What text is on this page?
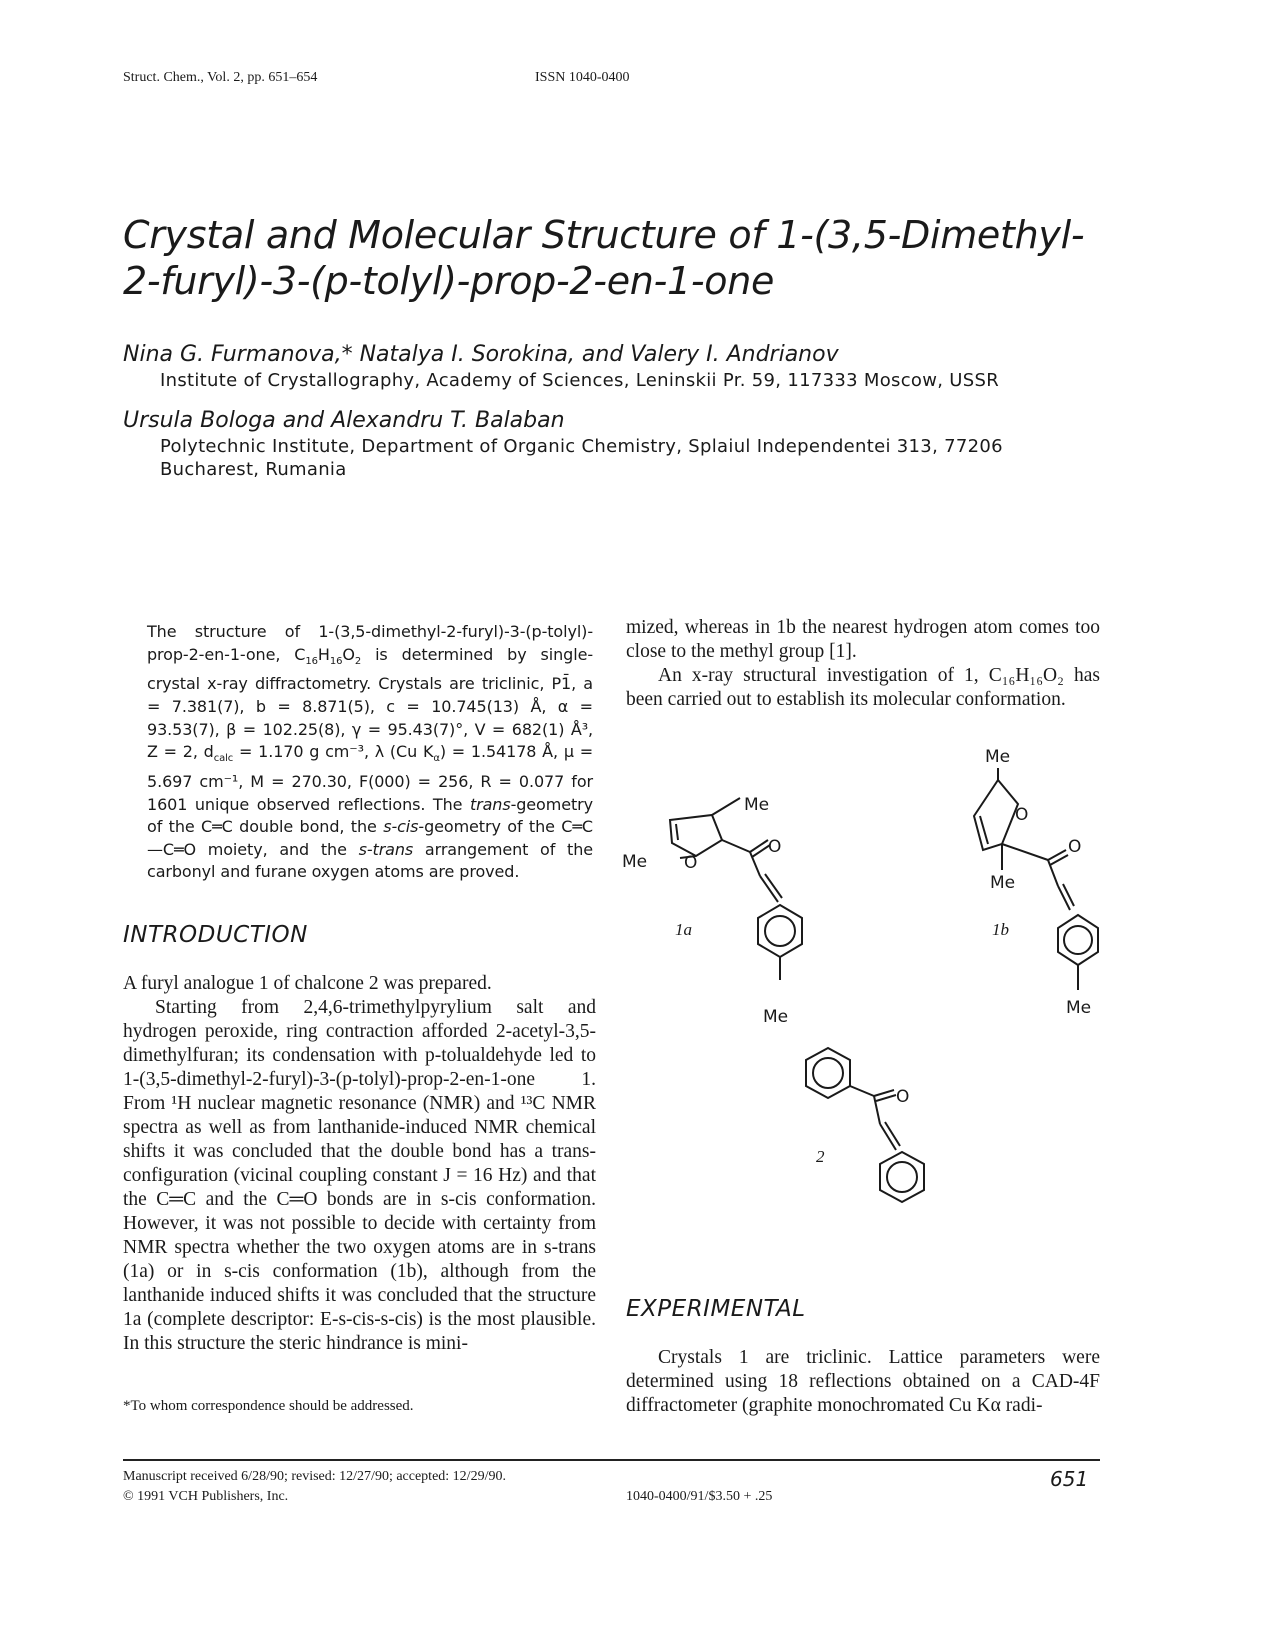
Struct. Chem., Vol. 2, pp. 651–654	ISSN 1040-0400
Crystal and Molecular Structure of 1-(3,5-Dimethyl-
2-furyl)-3-(p-tolyl)-prop-2-en-1-one
Nina G. Furmanova,* Natalya I. Sorokina, and Valery I. Andrianov
Institute of Crystallography, Academy of Sciences, Leninskii Pr. 59, 117333 Moscow, USSR
Ursula Bologa and Alexandru T. Balaban
Polytechnic Institute, Department of Organic Chemistry, Splaiul Independentei 313, 77206
Bucharest, Rumania
The structure of 1-(3,5-dimethyl-2-furyl)-3-(p-tolyl)-prop-2-en-1-one, $C_{16}H_{16}O_2$ is determined by single-crystal x-ray diffractometry. Crystals are triclinic, P1̄, a = 7.381(7), b = 8.871(5), c = 10.745(13) Å, α = 93.53(7), β = 102.25(8), γ = 95.43(7)°, V = 682(1) Å³, Z = 2, $d_{calc} = 1.170$ g cm⁻³, λ (Cu $K_\alpha) = 1.54178$ Å, μ = 5.697 cm⁻¹, M = 270.30, F(000) = 256, R = 0.077 for 1601 unique observed reflections. The trans-geometry of the C═C double bond, the s-cis-geometry of the C═C—C═O moiety, and the s-trans arrangement of the carbonyl and furane oxygen atoms are proved.
INTRODUCTION

A furyl analogue 1 of chalcone 2 was prepared.

Starting from 2,4,6-trimethylpyrylium salt and hydrogen peroxide, ring contraction afforded 2-acetyl-3,5-dimethylfuran; its condensation with p-tolualdehyde led to 1-(3,5-dimethyl-2-furyl)-3-(p-tolyl)-prop-2-en-1-one 1. From ¹H nuclear magnetic resonance (NMR) and ¹³C NMR spectra as well as from lanthanide-induced NMR chemical shifts it was concluded that the double bond has a trans-configuration (vicinal coupling constant J = 16 Hz) and that the C═C and the C═O bonds are in s-cis conformation. However, it was not possible to decide with certainty from NMR spectra whether the two oxygen atoms are in s-trans (1a) or in s-cis conformation (1b), although from the lanthanide induced shifts it was concluded that the structure 1a (complete descriptor: E-s-cis-s-cis) is the most plausible. In this structure the steric hindrance is mini-

mized, whereas in 1b the nearest hydrogen atom comes too close to the methyl group [1].

An x-ray structural investigation of 1, C₁₆H₁₆O₂ has been carried out to establish its molecular conformation.

Me
Me O
O
Me
1a
Me
O
O
Me
Me
1b
O
2
EXPERIMENTAL

Crystals 1 are triclinic. Lattice parameters were determined using 18 reflections obtained on a CAD-4F diffractometer (graphite monochromated Cu Kα radi-

*To whom correspondence should be addressed.
Manuscript received 6/28/90; revised: 12/27/90; accepted: 12/29/90.
© 1991 VCH Publishers, Inc.	1040-0400/91/$3.50 + .25
651
